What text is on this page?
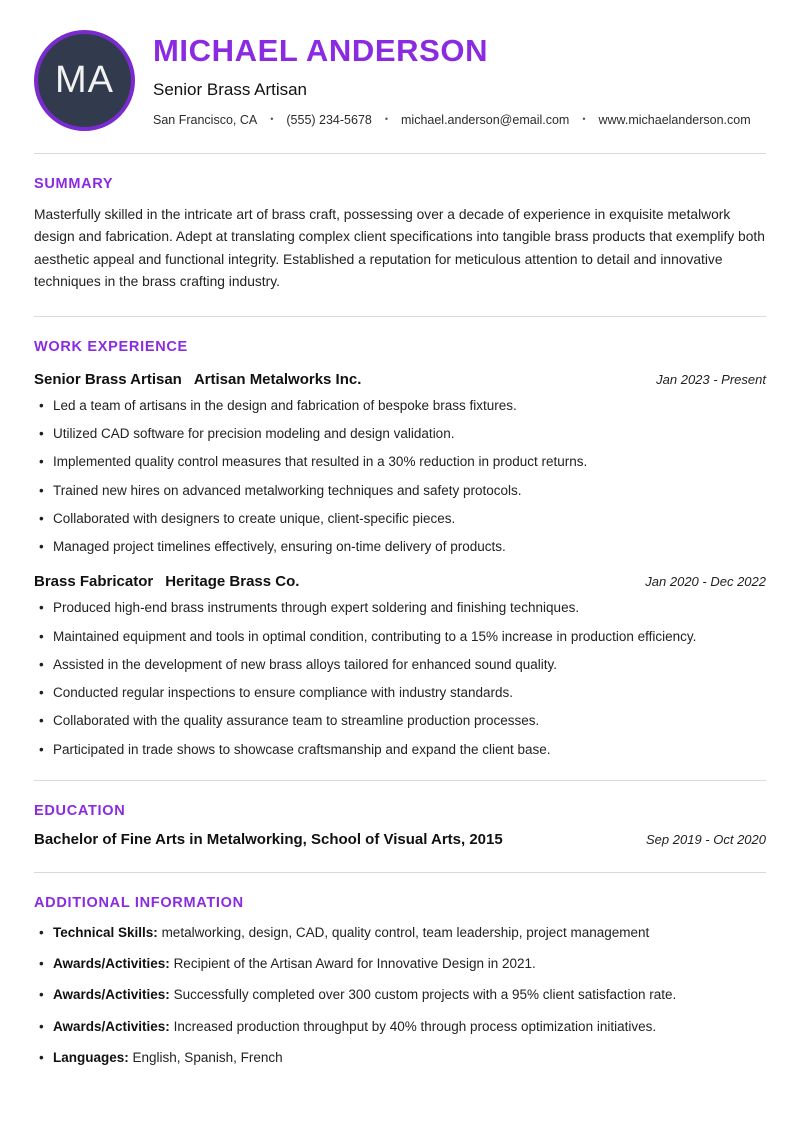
MA
MICHAEL ANDERSON
Senior Brass Artisan
San Francisco, CA • (555) 234-5678 • michael.anderson@email.com • www.michaelanderson.com
SUMMARY

Masterfully skilled in the intricate art of brass craft, possessing over a decade of experience in exquisite metalwork design and fabrication. Adept at translating complex client specifications into tangible brass products that exemplify both aesthetic appeal and functional integrity. Established a reputation for meticulous attention to detail and innovative techniques in the brass crafting industry.

WORK EXPERIENCE
Senior Brass Artisan Artisan Metalworks Inc.	Jan 2023 - Present
• Led a team of artisans in the design and fabrication of bespoke brass fixtures.
• Utilized CAD software for precision modeling and design validation.
• Implemented quality control measures that resulted in a 30% reduction in product returns.
• Trained new hires on advanced metalworking techniques and safety protocols.
• Collaborated with designers to create unique, client-specific pieces.
• Managed project timelines effectively, ensuring on-time delivery of products.
Brass Fabricator Heritage Brass Co.	Jan 2020 - Dec 2022
• Produced high-end brass instruments through expert soldering and finishing techniques.
• Maintained equipment and tools in optimal condition, contributing to a 15% increase in production efficiency.
• Assisted in the development of new brass alloys tailored for enhanced sound quality.
• Conducted regular inspections to ensure compliance with industry standards.
• Collaborated with the quality assurance team to streamline production processes.
• Participated in trade shows to showcase craftsmanship and expand the client base.
EDUCATION
Bachelor of Fine Arts in Metalworking, School of Visual Arts, 2015	Sep 2019 - Oct 2020
ADDITIONAL INFORMATION
• Technical Skills: metalworking, design, CAD, quality control, team leadership, project management
• Awards/Activities: Recipient of the Artisan Award for Innovative Design in 2021.
• Awards/Activities: Successfully completed over 300 custom projects with a 95% client satisfaction rate.
• Awards/Activities: Increased production throughput by 40% through process optimization initiatives.
• Languages: English, Spanish, French
